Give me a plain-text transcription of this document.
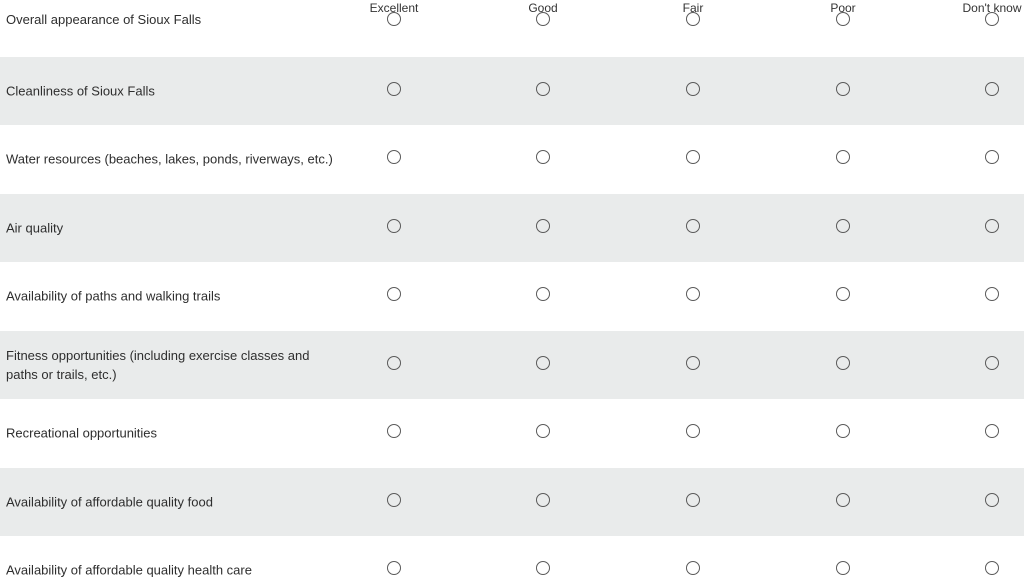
Excellent	Good	Fair	Poor	Don't know
Overall appearance of Sioux Falls
Cleanliness of Sioux Falls
Water resources (beaches, lakes, ponds, riverways, etc.)
Air quality
Availability of paths and walking trails
Fitness opportunities (including exercise classes and paths or trails, etc.)
Recreational opportunities
Availability of affordable quality food
Availability of affordable quality health care
